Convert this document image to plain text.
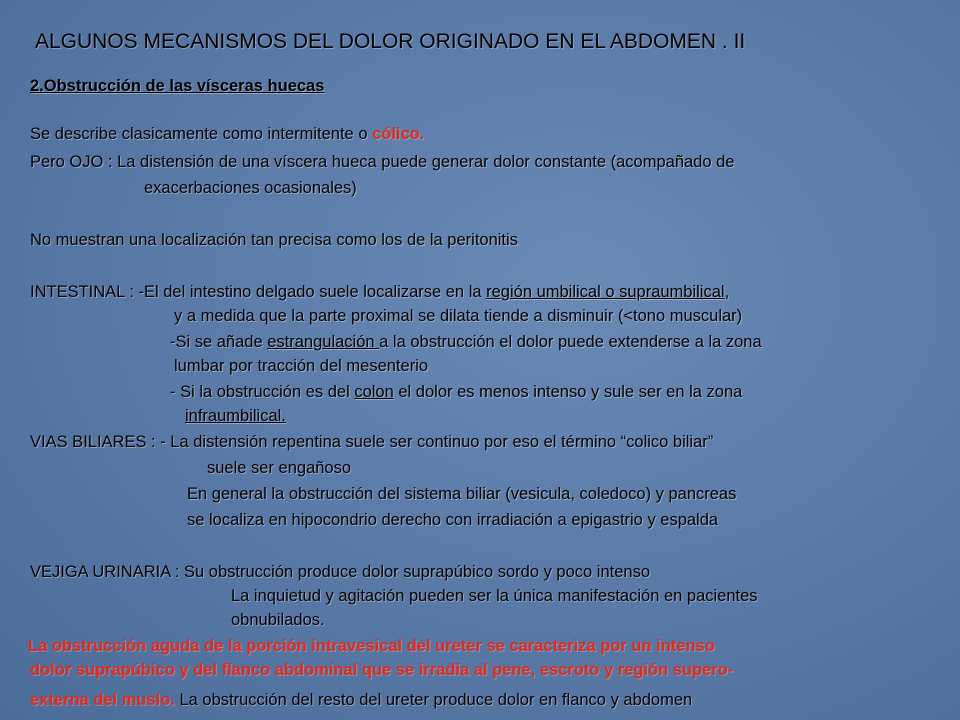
ALGUNOS MECANISMOS DEL DOLOR ORIGINADO EN EL ABDOMEN . II
2.Obstrucción de las vísceras huecas
Se describe clasicamente como intermitente o cólico.
Pero OJO : La distensión de una víscera hueca puede generar dolor constante (acompañado de
exacerbaciones ocasionales)
No muestran una localización tan precisa como los de la peritonitis
INTESTINAL : -El del intestino delgado suele localizarse en la región umbilical o supraumbilical,
y a medida que la parte proximal se dilata tiende a disminuir (<tono muscular)
-Si se añade estrangulación a la obstrucción el dolor puede extenderse a la zona
lumbar por tracción del mesenterio
- Si la obstrucción es del colon el dolor es menos intenso y sule ser en la zona
infraumbilical.
VIAS BILIARES : - La distensión repentina suele ser continuo por eso el término “colico biliar”
suele ser engañoso
En general la obstrucción del sistema biliar (vesicula, coledoco) y pancreas
se localiza en hipocondrio derecho con irradiación a epigastrio y espalda
VEJIGA URINARIA : Su obstrucción produce dolor suprapúbico sordo y poco intenso
La inquietud y agitación pueden ser la única manifestación en pacientes
obnubilados.
La obstrucción aguda de la porción intravesical del ureter se caracteriza por un intenso
dolor suprapúbico y del flanco abdominal que se irradia al pene, escroto y región supero-
externa del muslo. La obstrucción del resto del ureter produce dolor en flanco y abdomen
